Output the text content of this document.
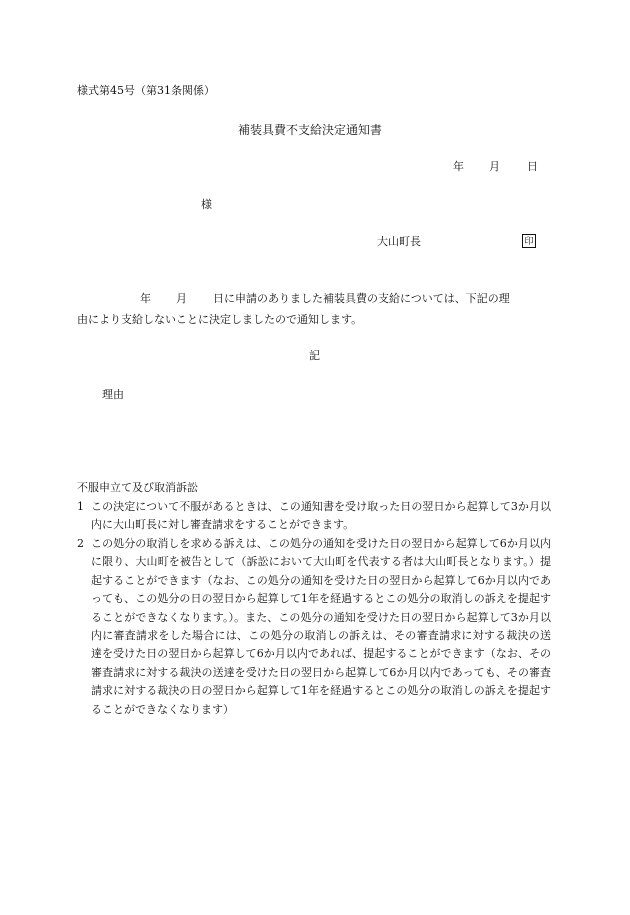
様式第45号（第31条関係）
補装具費不支給決定通知書
年 月 日
様
大山町長	印
年 月 日に申請のありました補装具費の支給については、下記の理
由により支給しないことに決定しましたので通知します。
記
理由
不服申立て及び取消訴訟
1 この決定について不服があるときは、この通知書を受け取った日の翌日から起算して3か月以内に大山町長に対し審査請求をすることができます。
2 この処分の取消しを求める訴えは、この処分の通知を受けた日の翌日から起算して6か月以内に限り、大山町を被告として（訴訟において大山町を代表する者は大山町長となります。）提起することができます（なお、この処分の通知を受けた日の翌日から起算して6か月以内であっても、この処分の日の翌日から起算して1年を経過するとこの処分の取消しの訴えを提起することができなくなります。）。また、この処分の通知を受けた日の翌日から起算して3か月以内に審査請求をした場合には、この処分の取消しの訴えは、その審査請求に対する裁決の送達を受けた日の翌日から起算して6か月以内であれば、提起することができます（なお、その審査請求に対する裁決の送達を受けた日の翌日から起算して6か月以内であっても、その審査請求に対する裁決の日の翌日から起算して1年を経過するとこの処分の取消しの訴えを提起することができなくなります）
